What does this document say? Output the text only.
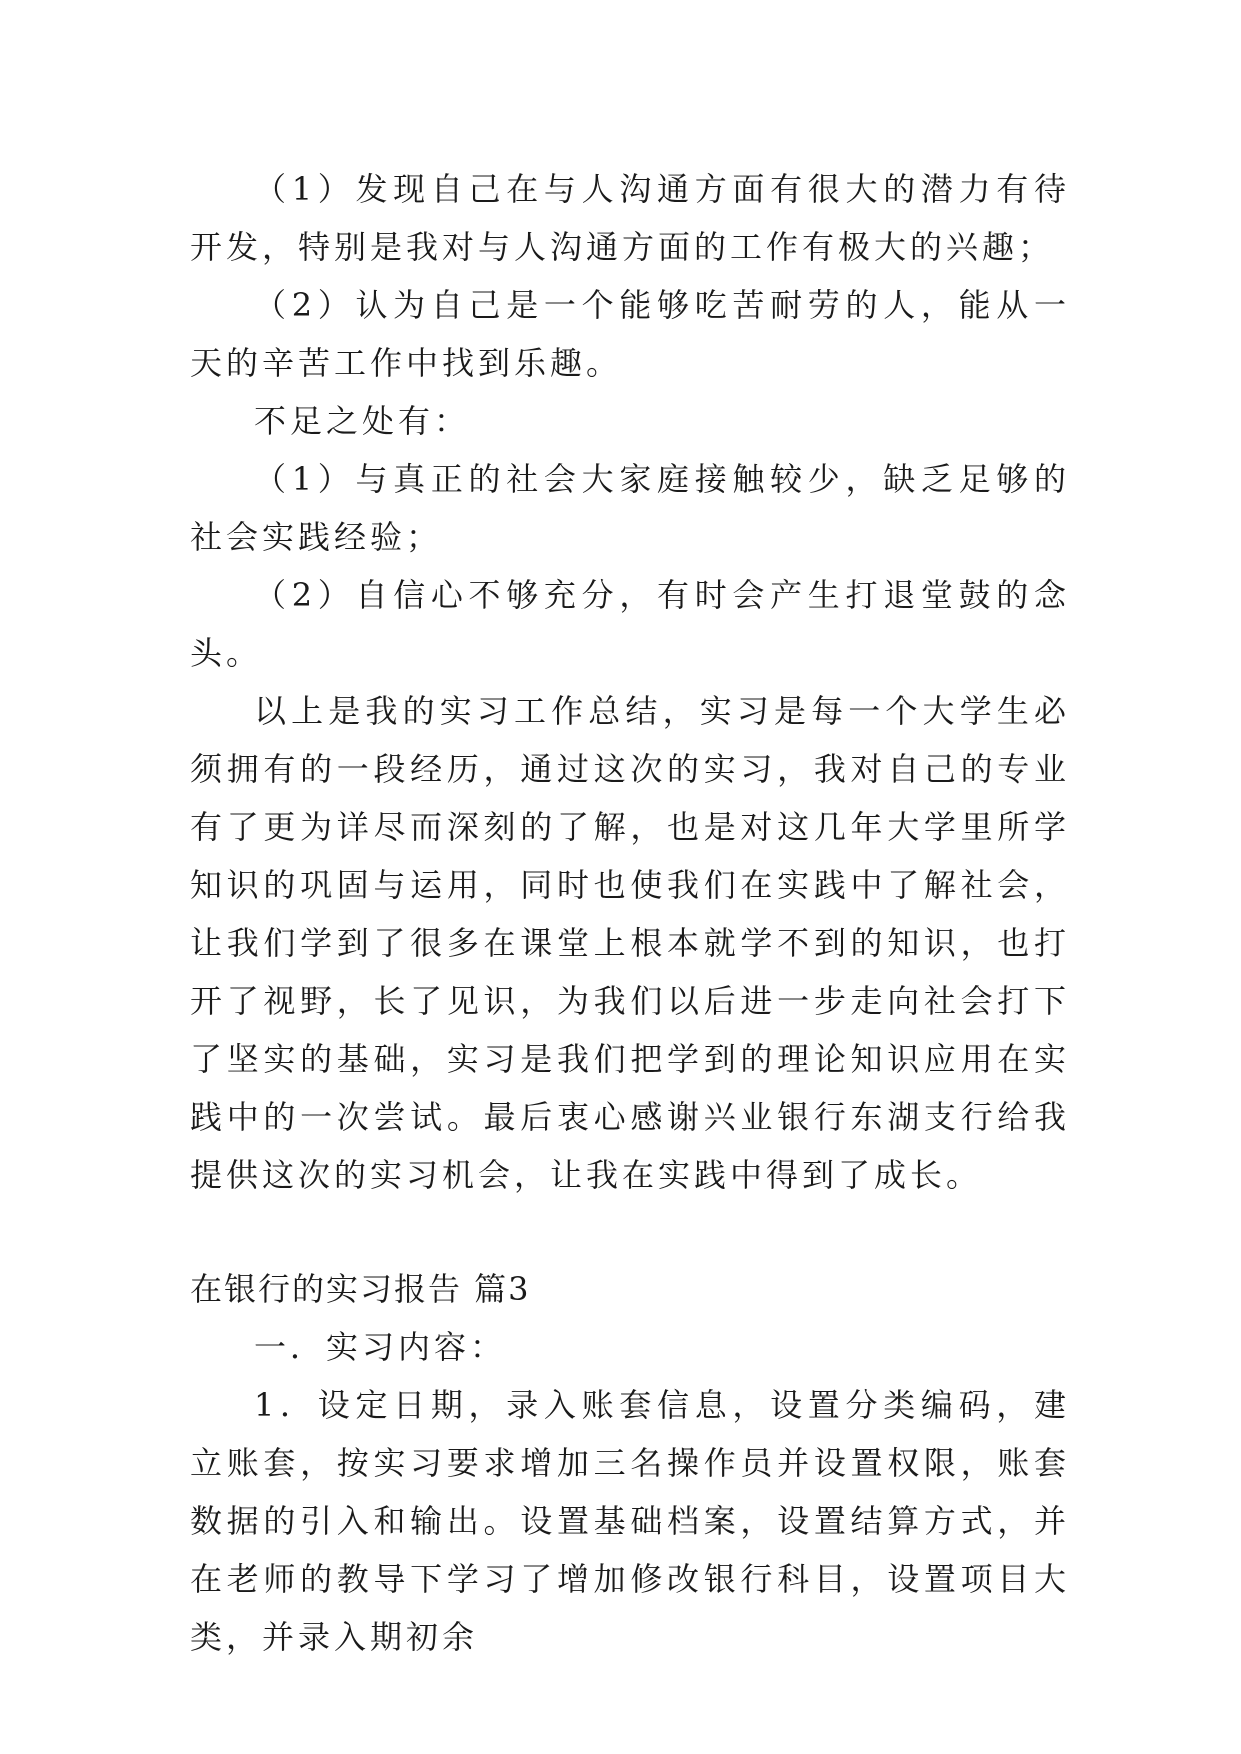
（1）发现自己在与人沟通方面有很大的潜力有待开发，特别是我对与人沟通方面的工作有极大的兴趣；

（2）认为自己是一个能够吃苦耐劳的人，能从一天的辛苦工作中找到乐趣。

不足之处有：

（1）与真正的社会大家庭接触较少，缺乏足够的社会实践经验；

（2）自信心不够充分，有时会产生打退堂鼓的念头。

以上是我的实习工作总结，实习是每一个大学生必须拥有的一段经历，通过这次的实习，我对自己的专业有了更为详尽而深刻的了解，也是对这几年大学里所学知识的巩固与运用，同时也使我们在实践中了解社会，让我们学到了很多在课堂上根本就学不到的知识，也打开了视野，长了见识，为我们以后进一步走向社会打下了坚实的基础，实习是我们把学到的理论知识应用在实践中的一次尝试。最后衷心感谢兴业银行东湖支行给我提供这次的实习机会，让我在实践中得到了成长。

在银行的实习报告 篇3

一．实习内容：

1．设定日期，录入账套信息，设置分类编码，建立账套，按实习要求增加三名操作员并设置权限，账套数据的引入和输出。设置基础档案，设置结算方式，并在老师的教导下学习了增加修改银行科目，设置项目大类，并录入期初余
